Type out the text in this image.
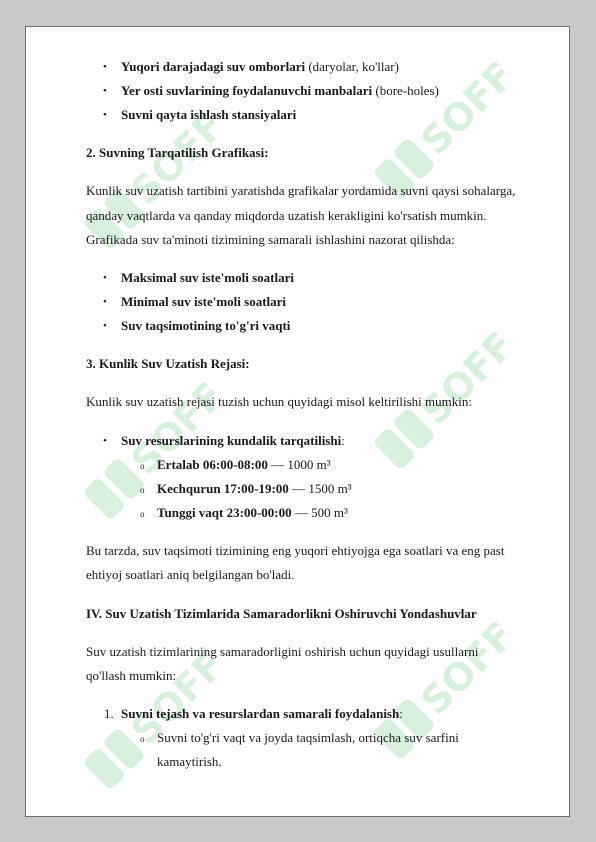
SOFF	SOFF
SOFF	SOFF
SOFF	SOFF
• Yuqori darajadagi suv omborlari (daryolar, ko'llar)
• Yer osti suvlarining foydalanuvchi manbalari (bore-holes)
• Suvni qayta ishlash stansiyalari
2. Suvning Tarqatilish Grafikasi:
Kunlik suv uzatish tartibini yaratishda grafikalar yordamida suvni qaysi sohalarga,
qanday vaqtlarda va qanday miqdorda uzatish kerakligini ko'rsatish mumkin.
Grafikada suv ta'minoti tizimining samarali ishlashini nazorat qilishda:
• Maksimal suv iste'moli soatlari
• Minimal suv iste'moli soatlari
• Suv taqsimotining to'g'ri vaqti
3. Kunlik Suv Uzatish Rejasi:
Kunlik suv uzatish rejasi tuzish uchun quyidagi misol keltirilishi mumkin:
• Suv resurslarining kundalik tarqatilishi:
o Ertalab 06:00-08:00 — 1000 m³
o Kechqurun 17:00-19:00 — 1500 m³
o Tunggi vaqt 23:00-00:00 — 500 m³
Bu tarzda, suv taqsimoti tizimining eng yuqori ehtiyojga ega soatlari va eng past
ehtiyoj soatlari aniq belgilangan bo'ladi.
IV. Suv Uzatish Tizimlarida Samaradorlikni Oshiruvchi Yondashuvlar
Suv uzatish tizimlarining samaradorligini oshirish uchun quyidagi usullarni
qo'llash mumkin:
1. Suvni tejash va resurslardan samarali foydalanish:
o Suvni to'g'ri vaqt va joyda taqsimlash, ortiqcha suv sarfini
kamaytirish.
